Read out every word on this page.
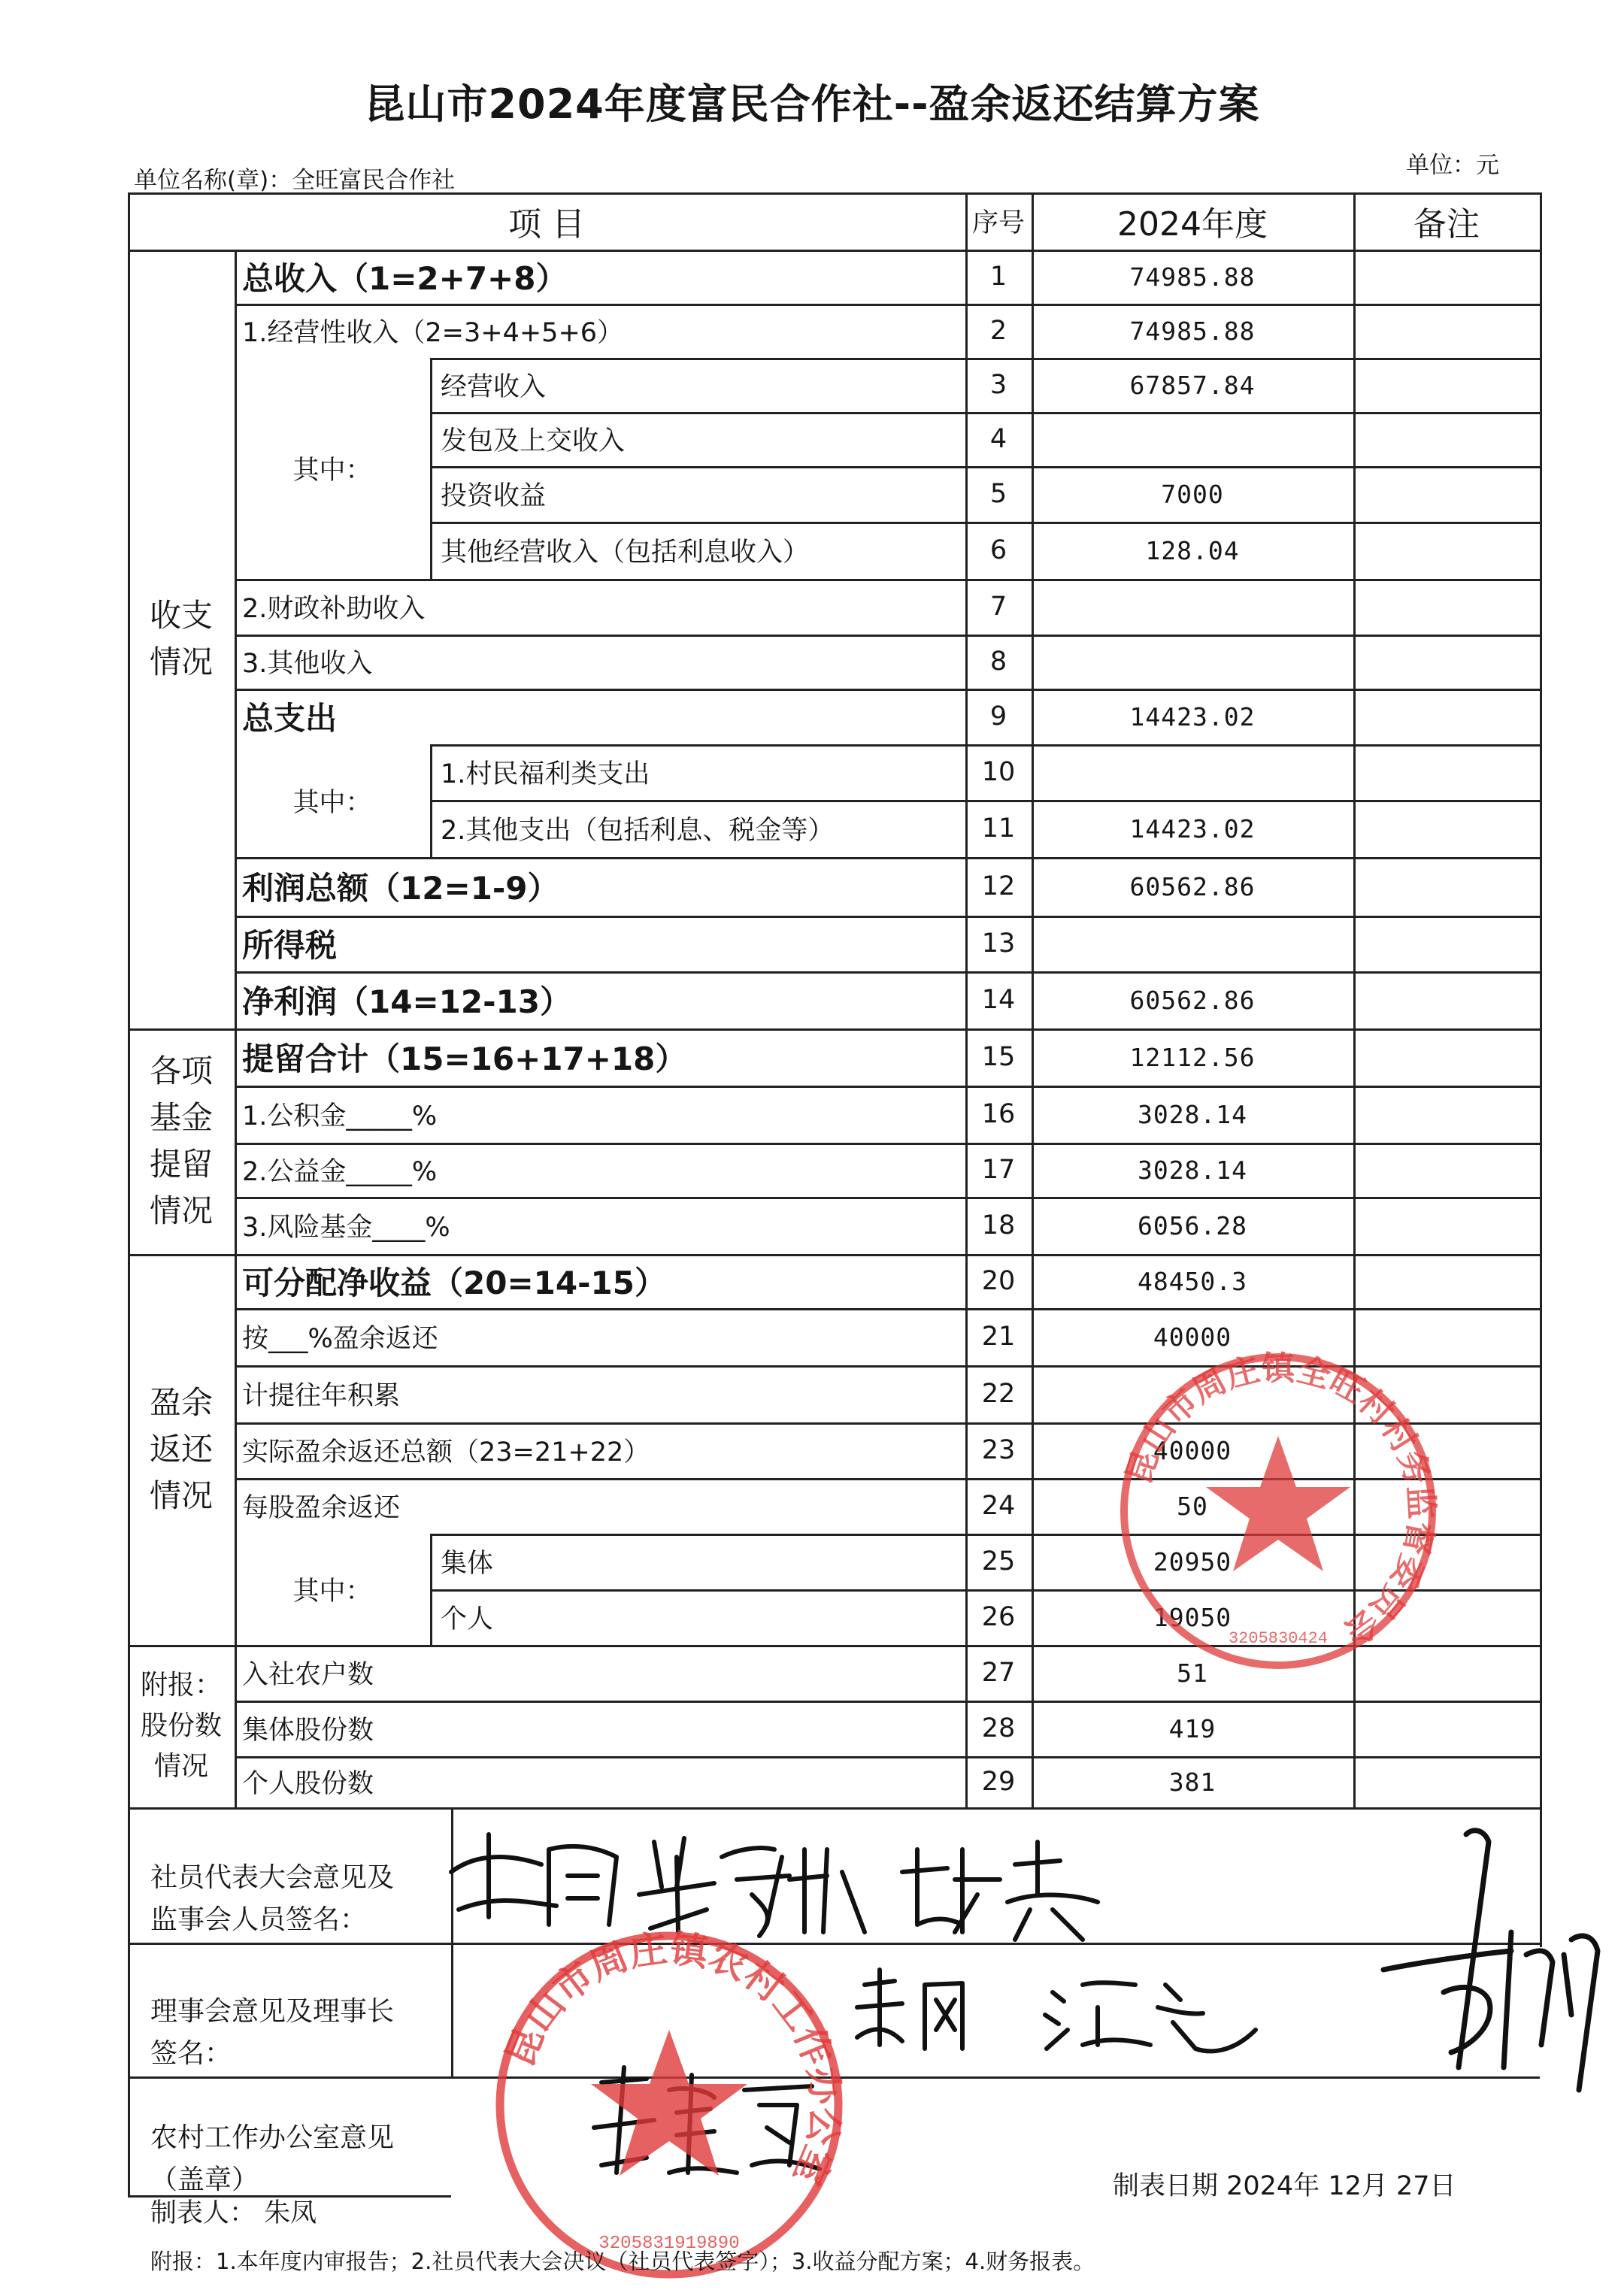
昆山市2024年度富民合作社--盈余返还结算方案
单位：元
单位名称(章)：全旺富民合作社
项 目	序号	2024年度	备注
收支
情况
各项
基金
提留
情况
盈余
返还
情况
附报：
股份数
情况
其中：
其中：
其中：
总收入（1=2+7+8）	1	74985.88
1.经营性收入（2=3+4+5+6）	2	74985.88
经营收入	3	67857.84
发包及上交收入	4
投资收益	5	7000
其他经营收入（包括利息收入）	6	128.04
2.财政补助收入	7
3.其他收入	8
总支出	9	14423.02
1.村民福利类支出	10
2.其他支出（包括利息、税金等）	11	14423.02
利润总额（12=1-9）	12	60562.86
所得税	13
净利润（14=12-13）	14	60562.86
提留合计（15=16+17+18）	15	12112.56
1.公积金_____%	16	3028.14
2.公益金_____%	17	3028.14
3.风险基金____%	18	6056.28
可分配净收益（20=14-15）	20	48450.3
按___%盈余返还	21	40000
计提往年积累	22
实际盈余返还总额（23=21+22）	23	40000
每股盈余返还	24	50
集体	25	20950
个人	26	19050
入社农户数	27	51
集体股份数	28	419
个人股份数	29	381
社员代表大会意见及
监事会人员签名：
理事会意见及理事长
签名：
农村工作办公室意见
（盖章）
昆山市周庄镇全旺村村务监督委员会
3205830424
昆山市周庄镇农村工作办公室
3205831919890
制表人： 朱凤
制表日期 2024年 12月 27日
附报：1.本年度内审报告；2.社员代表大会决议（社员代表签字）；3.收益分配方案；4.财务报表。
